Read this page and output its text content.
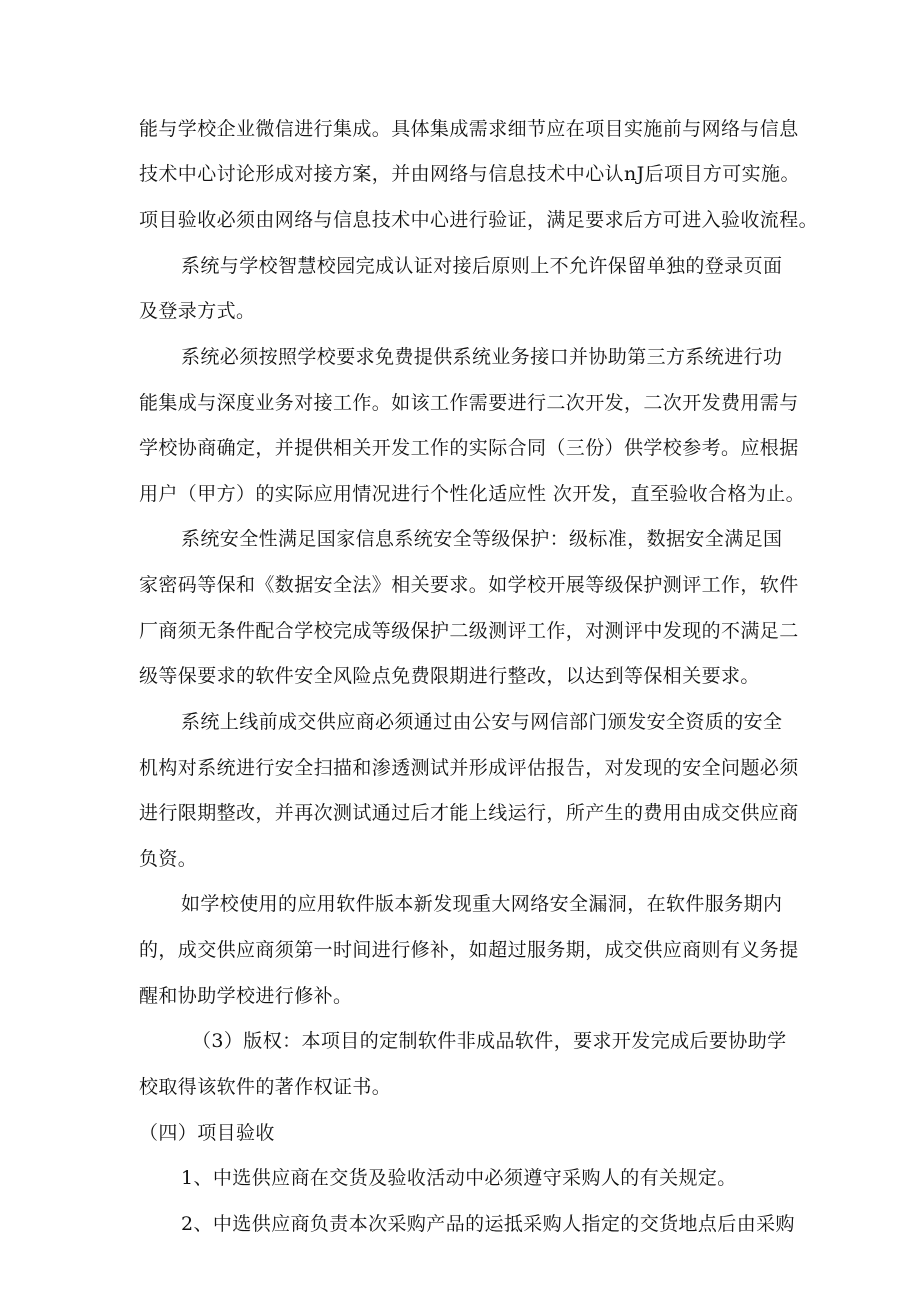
能与学校企业微信进行集成。具体集成需求细节应在项目实施前与网络与信息
技术中心讨论形成对接方案，并由网络与信息技术中心认nJ后项目方可实施。
项目验收必须由网络与信息技术中心进行验证，满足要求后方可进入验收流程。
系统与学校智慧校园完成认证对接后原则上不允许保留单独的登录页面
及登录方式。
系统必须按照学校要求免费提供系统业务接口并协助第三方系统进行功
能集成与深度业务对接工作。如该工作需要进行二次开发，二次开发费用需与
学校协商确定，并提供相关开发工作的实际合同（三份）供学校参考。应根据
用户（甲方）的实际应用情况进行个性化适应性 次开发，直至验收合格为止。
系统安全性满足国家信息系统安全等级保护：级标准，数据安全满足国
家密码等保和《数据安全法》相关要求。如学校开展等级保护测评工作，软件
厂商须无条件配合学校完成等级保护二级测评工作，对测评中发现的不满足二
级等保要求的软件安全风险点免费限期进行整改，以达到等保相关要求。
系统上线前成交供应商必须通过由公安与网信部门颁发安全资质的安全
机构对系统进行安全扫描和渗透测试并形成评估报告，对发现的安全问题必须
进行限期整改，并再次测试通过后才能上线运行，所产生的费用由成交供应商
负资。
如学校使用的应用软件版本新发现重大网络安全漏洞，在软件服务期内
的，成交供应商须第一时间进行修补，如超过服务期，成交供应商则有义务提
醒和协助学校进行修补。
（3）版权：本项目的定制软件非成品软件，要求开发完成后要协助学
校取得该软件的著作权证书。
（四）项目验收
1、中选供应商在交货及验收活动中必须遵守采购人的有关规定。
2、中选供应商负责本次采购产品的运抵采购人指定的交货地点后由采购
